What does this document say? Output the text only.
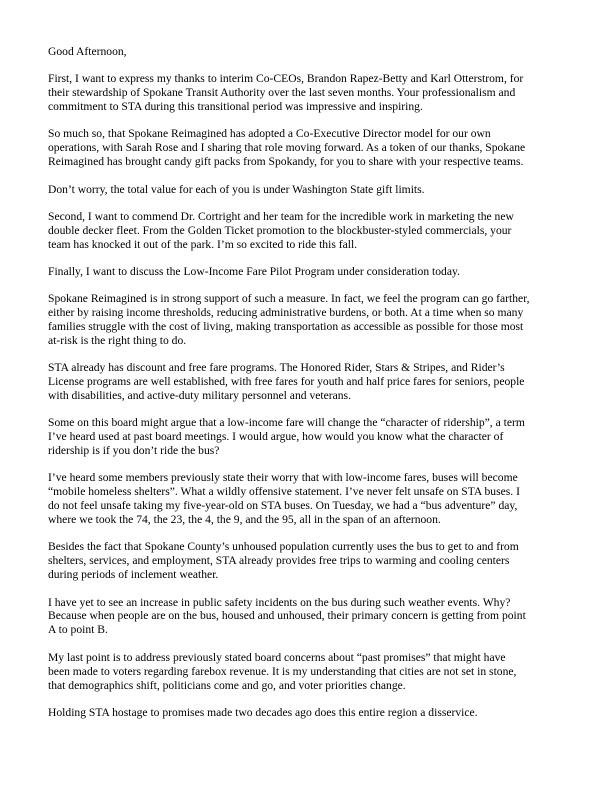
Good Afternoon,

First, I want to express my thanks to interim Co-CEOs, Brandon Rapez-Betty and Karl Otterstrom, for
their stewardship of Spokane Transit Authority over the last seven months. Your professionalism and
commitment to STA during this transitional period was impressive and inspiring.

So much so, that Spokane Reimagined has adopted a Co-Executive Director model for our own
operations, with Sarah Rose and I sharing that role moving forward. As a token of our thanks, Spokane
Reimagined has brought candy gift packs from Spokandy, for you to share with your respective teams.

Don’t worry, the total value for each of you is under Washington State gift limits.

Second, I want to commend Dr. Cortright and her team for the incredible work in marketing the new
double decker fleet. From the Golden Ticket promotion to the blockbuster-styled commercials, your
team has knocked it out of the park. I’m so excited to ride this fall.

Finally, I want to discuss the Low-Income Fare Pilot Program under consideration today.

Spokane Reimagined is in strong support of such a measure. In fact, we feel the program can go farther,
either by raising income thresholds, reducing administrative burdens, or both. At a time when so many
families struggle with the cost of living, making transportation as accessible as possible for those most
at-risk is the right thing to do.

STA already has discount and free fare programs. The Honored Rider, Stars & Stripes, and Rider’s
License programs are well established, with free fares for youth and half price fares for seniors, people
with disabilities, and active-duty military personnel and veterans.

Some on this board might argue that a low-income fare will change the “character of ridership”, a term
I’ve heard used at past board meetings. I would argue, how would you know what the character of
ridership is if you don’t ride the bus?

I’ve heard some members previously state their worry that with low-income fares, buses will become
“mobile homeless shelters”. What a wildly offensive statement. I’ve never felt unsafe on STA buses. I
do not feel unsafe taking my five-year-old on STA buses. On Tuesday, we had a “bus adventure” day,
where we took the 74, the 23, the 4, the 9, and the 95, all in the span of an afternoon.

Besides the fact that Spokane County’s unhoused population currently uses the bus to get to and from
shelters, services, and employment, STA already provides free trips to warming and cooling centers
during periods of inclement weather.

I have yet to see an increase in public safety incidents on the bus during such weather events. Why?
Because when people are on the bus, housed and unhoused, their primary concern is getting from point
A to point B.

My last point is to address previously stated board concerns about “past promises” that might have
been made to voters regarding farebox revenue. It is my understanding that cities are not set in stone,
that demographics shift, politicians come and go, and voter priorities change.

Holding STA hostage to promises made two decades ago does this entire region a disservice.
